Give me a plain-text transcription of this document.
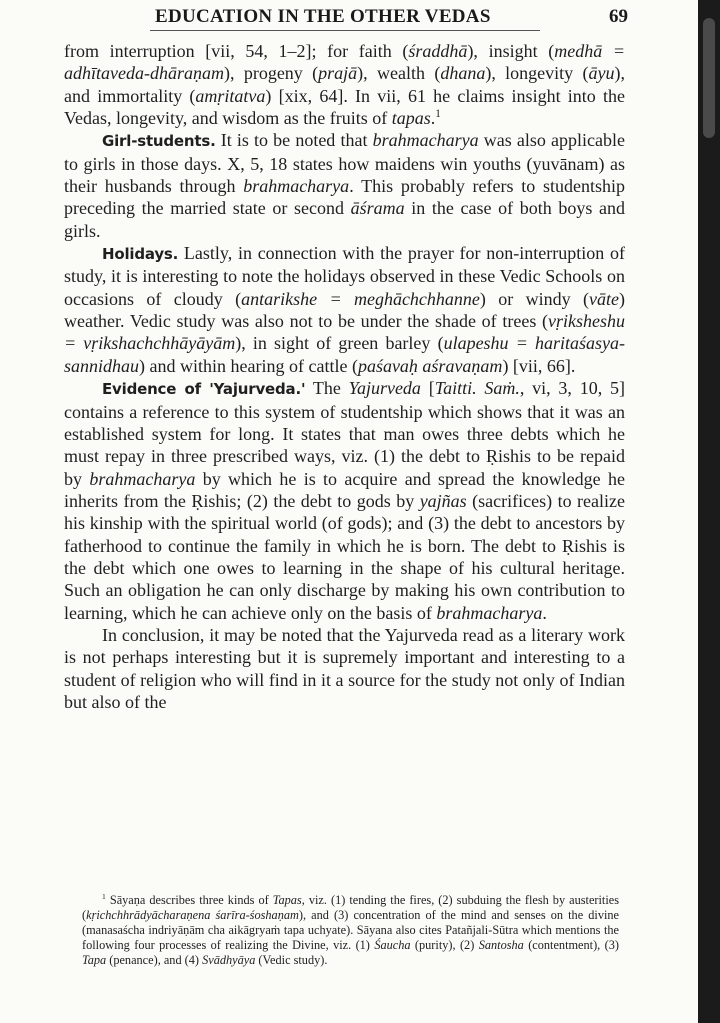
EDUCATION IN THE OTHER VEDAS	69

from interruption [vii, 54, 1–2]; for faith (śraddhā), insight (medhā = adhītaveda-dhāraṇam), progeny (prajā), wealth (dhana), longevity (āyu), and immortality (amṛitatva) [xix, 64]. In vii, 61 he claims insight into the Vedas, longevity, and wisdom as the fruits of tapas.$^1$

Girl-students. It is to be noted that brahmacharya was also applicable to girls in those days. X, 5, 18 states how maidens win youths (yuvānam) as their husbands through brahmacharya. This probably refers to studentship preceding the married state or second āśrama in the case of both boys and girls.

Holidays. Lastly, in connection with the prayer for non-interruption of study, it is interesting to note the holidays observed in these Vedic Schools on occasions of cloudy (antarikshe = meghāchchhanne) or windy (vāte) weather. Vedic study was also not to be under the shade of trees (vṛiksheshu = vṛikshachchhāyāyām), in sight of green barley (ulapeshu = haritaśasya-sannidhau) and within hearing of cattle (paśavaḥ aśravaṇam) [vii, 66].

Evidence of 'Yajurveda.' The Yajurveda [Taitti. Saṁ., vi, 3, 10, 5] contains a reference to this system of studentship which shows that it was an established system for long. It states that man owes three debts which he must repay in three prescribed ways, viz. (1) the debt to Ṛishis to be repaid by brahmacharya by which he is to acquire and spread the knowledge he inherits from the Ṛishis; (2) the debt to gods by yajñas (sacrifices) to realize his kinship with the spiritual world (of gods); and (3) the debt to ancestors by fatherhood to continue the family in which he is born. The debt to Ṛishis is the debt which one owes to learning in the shape of his cultural heritage. Such an obligation he can only discharge by making his own contribution to learning, which he can achieve only on the basis of brahmacharya.

In conclusion, it may be noted that the Yajurveda read as a literary work is not perhaps interesting but it is supremely important and interesting to a student of religion who will find in it a source for the study not only of Indian but also of the

$^1$ Sāyaṇa describes three kinds of Tapas, viz. (1) tending the fires, (2) subduing the flesh by austerities (kṛichchhrādyācharaṇena śarīra-śoshaṇam), and (3) concentration of the mind and senses on the divine (manasaścha indriyāṇām cha aikāgryaṁ tapa uchyate). Sāyana also cites Patañjali-Sūtra which mentions the following four processes of realizing the Divine, viz. (1) Śaucha (purity), (2) Santosha (contentment), (3) Tapa (penance), and (4) Svādhyāya (Vedic study).
